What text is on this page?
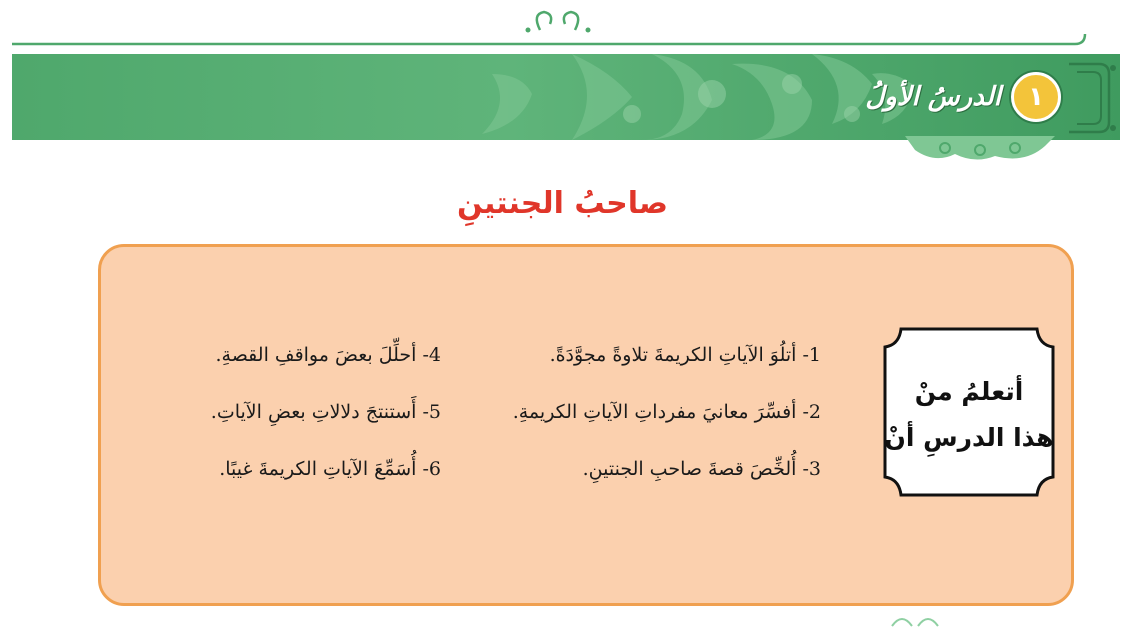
١
الدرسُ الأولُ
صاحبُ الجنتينِ
أتعلمُ منْ
هذا الدرسِ أنْ
1- أتلُوَ الآياتِ الكريمةَ تلاوةً مجوَّدَةً.
2- أفسِّرَ معانيَ مفرداتِ الآياتِ الكريمةِ.
3- أُلخِّصَ قصةَ صاحبِ الجنتينِ.
4- أحلِّلَ بعضَ مواقفِ القصةِ.
5- أَستنتجَ دلالاتِ بعضِ الآياتِ.
6- أُسَمِّعَ الآياتِ الكريمةَ غيبًا.
